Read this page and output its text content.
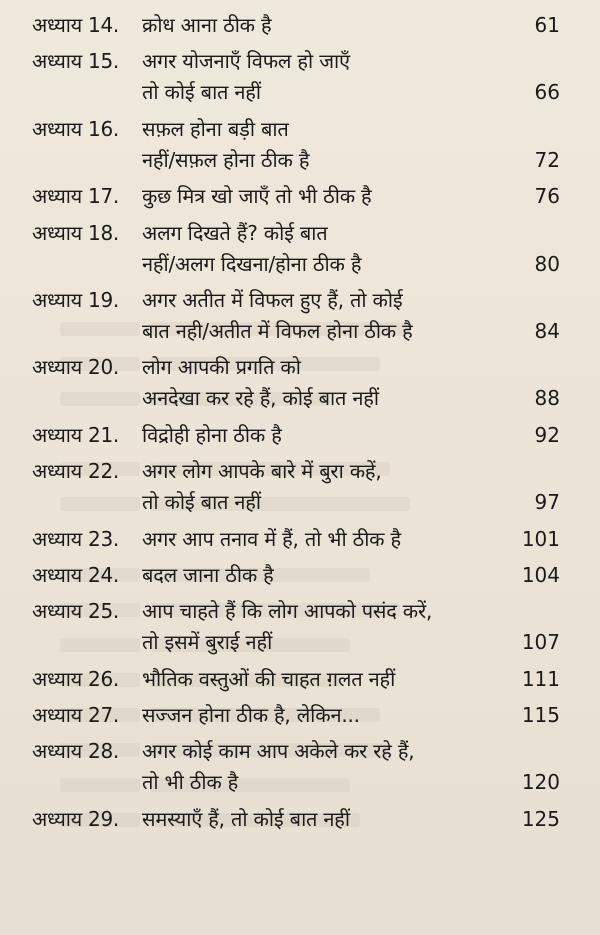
अध्याय 14.	क्रोध आना ठीक है	61
अध्याय 15.	अगर योजनाएँ विफल हो जाएँ
तो कोई बात नहीं	66
अध्याय 16.	सफ़ल होना बड़ी बात
नहीं/सफ़ल होना ठीक है	72
अध्याय 17.	कुछ मित्र खो जाएँ तो भी ठीक है	76
अध्याय 18.	अलग दिखते हैं? कोई बात
नहीं/अलग दिखना/होना ठीक है	80
अध्याय 19.	अगर अतीत में विफल हुए हैं, तो कोई
बात नही/अतीत में विफल होना ठीक है	84
अध्याय 20.	लोग आपकी प्रगति को
अनदेखा कर रहे हैं, कोई बात नहीं	88
अध्याय 21.	विद्रोही होना ठीक है	92
अध्याय 22.	अगर लोग आपके बारे में बुरा कहें,
तो कोई बात नहीं	97
अध्याय 23.	अगर आप तनाव में हैं, तो भी ठीक है	101
अध्याय 24.	बदल जाना ठीक है	104
अध्याय 25.	आप चाहते हैं कि लोग आपको पसंद करें,
तो इसमें बुराई नहीं	107
अध्याय 26.	भौतिक वस्तुओं की चाहत ग़लत नहीं	111
अध्याय 27.	सज्जन होना ठीक है, लेकिन...	115
अध्याय 28.	अगर कोई काम आप अकेले कर रहे हैं,
तो भी ठीक है	120
अध्याय 29.	समस्याएँ हैं, तो कोई बात नहीं	125
